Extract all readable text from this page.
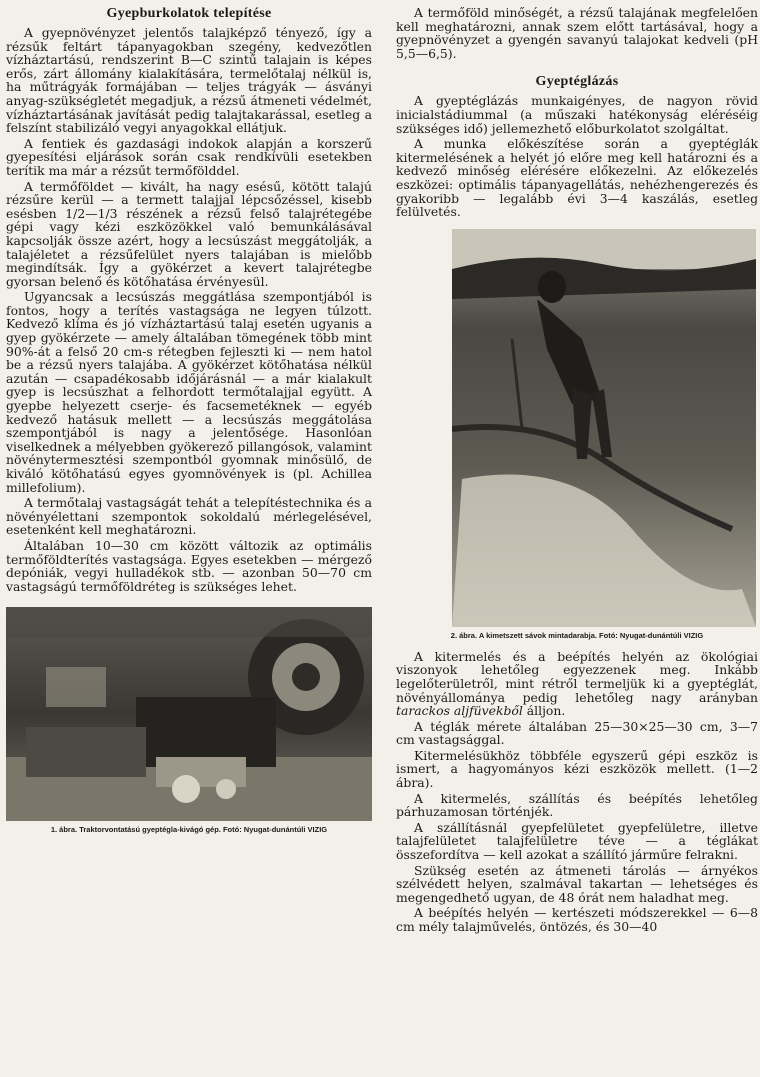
Gyepburkolatok telepítése

A gyepnövényzet jelentős talajképző tényező, így a rézsűk feltárt tápanyagokban szegény, kedvezőtlen vízháztartású, rendszerint B—C szintű talajain is képes erős, zárt állomány kialakítására, termelőtalaj nélkül is, ha műtrágyák formájában — teljes trágyák — ásványi anyag-szükségletét megadjuk, a rézsű átmeneti védelmét, vízháztartásának javítását pedig talajtakarással, esetleg a felszínt stabilizáló vegyi anyagokkal ellátjuk.

A fentiek és gazdasági indokok alapján a korszerű gyepesítési eljárások során csak rendkívüli esetekben terítik ma már a rézsűt termőfölddel.

A termőföldet — kivált, ha nagy esésű, kötött talajú rézsűre kerül — a termett talajjal lépcsőzéssel, kisebb esésben 1/2—1/3 részének a rézsű felső talajrétegébe gépi vagy kézi eszközökkel való bemunkálásával kapcsolják össze azért, hogy a lecsúszást meggátolják, a talajéletet a rézsűfelület nyers talajában is mielőbb megindítsák. Így a gyökérzet a kevert talajrétegbe gyorsan belenő és kötőhatása érvényesül.

Ugyancsak a lecsúszás meggátlása szempontjából is fontos, hogy a terítés vastagsága ne legyen túlzott. Kedvező klíma és jó vízháztartású talaj esetén ugyanis a gyep gyökérzete — amely általában tömegének több mint 90%-át a felső 20 cm-s rétegben fejleszti ki — nem hatol be a rézsű nyers talajába. A gyökérzet kötőhatása nélkül azután — csapadékosabb időjárásnál — a már kialakult gyep is lecsúszhat a felhordott termőtalajjal együtt. A gyepbe helyezett cserje- és facsemetéknek — egyéb kedvező hatásuk mellett — a lecsúszás meggátolása szempontjából is nagy a jelentősége. Hasonlóan viselkednek a mélyebben gyökerező pillangósok, valamint növénytermesztési szempontból gyomnak minősülő, de kiváló kötőhatású egyes gyomnövények is (pl. Achillea millefolium).

A termőtalaj vastagságát tehát a telepítéstechnika és a növényélettani szempontok sokoldalú mérlegelésével, esetenként kell meghatározni.

Általában 10—30 cm között változik az optimális termőföldterítés vastagsága. Egyes esetekben — mérgező depóniák, vegyi hulladékok stb. — azonban 50—70 cm vastagságú termőföldréteg is szükséges lehet.

1. ábra. Traktorvontatású gyeptégla-kivágó gép. Fotó: Nyugat-dunántúli VIZIG

A termőföld minőségét, a rézsű talajának megfelelően kell meghatározni, annak szem előtt tartásával, hogy a gyepnövényzet a gyengén savanyú talajokat kedveli (pH 5,5—6,5).

Gyeptéglázás

A gyeptéglázás munkaigényes, de nagyon rövid inicialstádiummal (a műszaki hatékonyság eléréséig szükséges idő) jellemezhető előburkolatot szolgáltat.

A munka előkészítése során a gyeptéglák kitermelésének a helyét jó előre meg kell határozni és a kedvező minőség elérésére előkezelni. Az előkezelés eszközei: optimális tápanyagellátás, nehézhengerezés és gyakoribb — legalább évi 3—4 kaszálás, esetleg felülvetés.

2. ábra. A kimetszett sávok mintadarabja. Fotó: Nyugat-dunántúli VIZIG

A kitermelés és a beépítés helyén az ökológiai viszonyok lehetőleg egyezzenek meg. Inkább legelőterületről, mint rétről termeljük ki a gyeptéglát, növényállománya pedig lehetőleg nagy arányban tarackos aljfüvekből álljon.

A téglák mérete általában 25—30×25—30 cm, 3—7 cm vastagsággal.

Kitermelésükhöz többféle egyszerű gépi eszköz is ismert, a hagyományos kézi eszközök mellett. (1—2 ábra).

A kitermelés, szállítás és beépítés lehetőleg párhuzamosan történjék.

A szállításnál gyepfelületet gyepfelületre, illetve talajfelületet talajfelületre téve — a téglákat összefordítva — kell azokat a szállító járműre felrakni.

Szükség esetén az átmeneti tárolás — árnyékos szélvédett helyen, szalmával takartan — lehetséges és megengedhető ugyan, de 48 órát nem haladhat meg.

A beépítés helyén — kertészeti módszerekkel — 6—8 cm mély talajművelés, öntözés, és 30—40
